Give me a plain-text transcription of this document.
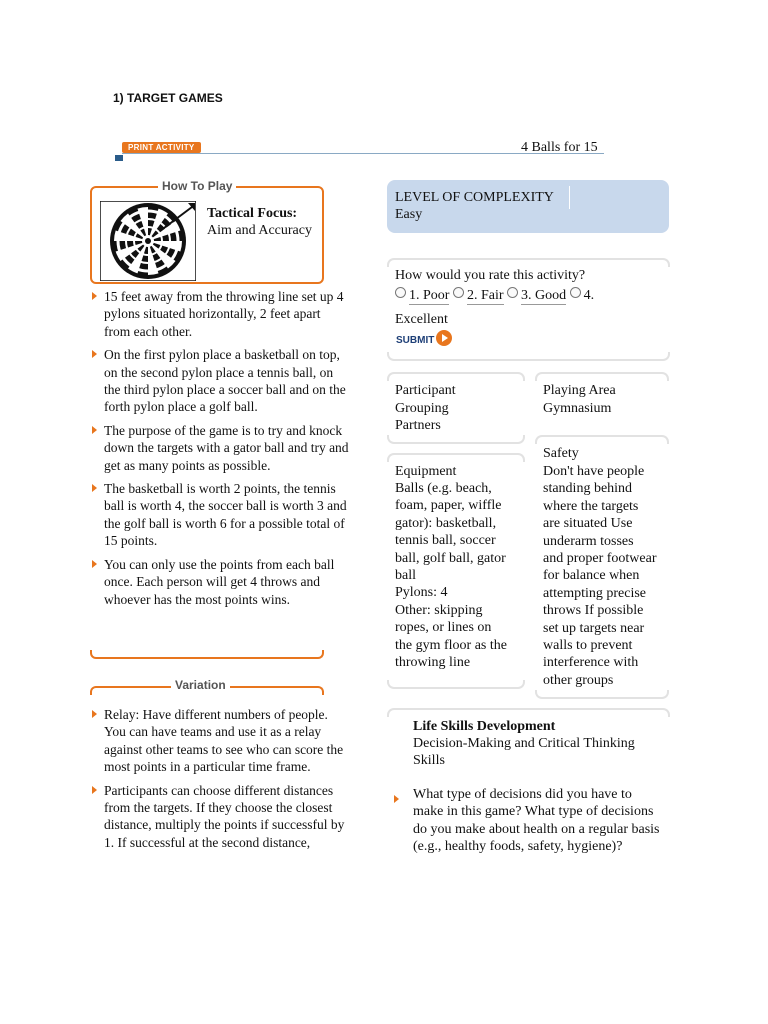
1) TARGET GAMES
PRINT ACTIVITY	4 Balls for 15
How To Play
Tactical Focus:
Aim and Accuracy
15 feet away from the throwing line set up 4 pylons situated horizontally, 2 feet apart from each other.
On the first pylon place a basketball on top, on the second pylon place a tennis ball, on the third pylon place a soccer ball and on the forth pylon place a golf ball.
The purpose of the game is to try and knock down the targets with a gator ball and try and get as many points as possible.
The basketball is worth 2 points, the tennis ball is worth 4, the soccer ball is worth 3 and the golf ball is worth 6 for a possible total of 15 points.
You can only use the points from each ball once. Each person will get 4 throws and whoever has the most points wins.
Variation
Relay: Have different numbers of people. You can have teams and use it as a relay against other teams to see who can score the most points in a particular time frame.
Participants can choose different distances from the targets. If they choose the closest distance, multiply the points if successful by 1. If successful at the second distance,
LEVEL OF COMPLEXITY
Easy
How would you rate this activity?
1. Poor 2. Fair 3. Good 4.
Excellent
SUBMIT
Participant
Grouping
Partners
Playing Area
Gymnasium
Equipment
Balls (e.g. beach,
foam, paper, wiffle
gator): basketball,
tennis ball, soccer
ball, golf ball, gator
ball
Pylons: 4
Other: skipping
ropes, or lines on
the gym floor as the
throwing line
Safety
Don't have people
standing behind
where the targets
are situated Use
underarm tosses
and proper footwear
for balance when
attempting precise
throws If possible
set up targets near
walls to prevent
interference with
other groups
Life Skills Development
Decision-Making and Critical Thinking Skills
What type of decisions did you have to make in this game? What type of decisions do you make about health on a regular basis (e.g., healthy foods, safety, hygiene)?
